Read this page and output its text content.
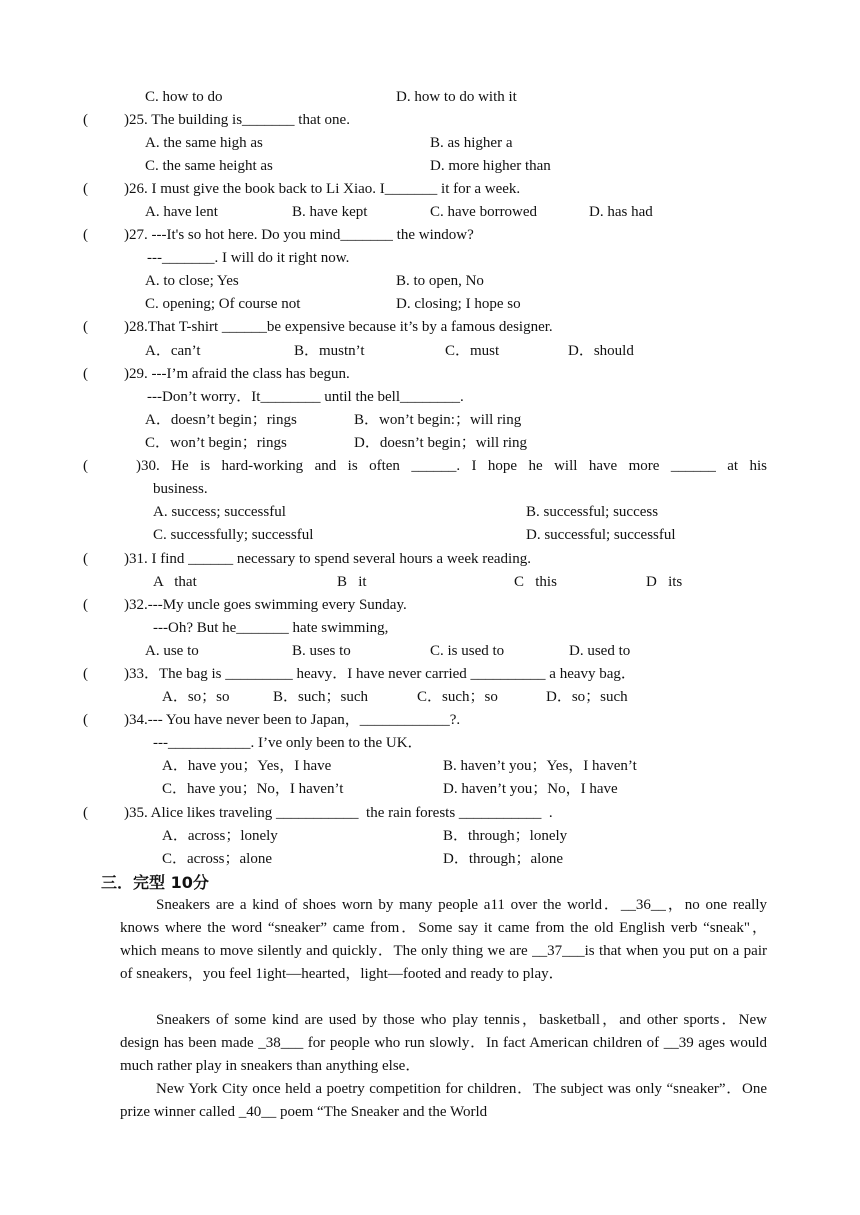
C. how to do	D. how to do with it
( )25. The building is_______ that one.
A. the same high as	B. as higher a
C. the same height as	D. more higher than
( )26. I must give the book back to Li Xiao. I_______ it for a week.
A. have lent	B. have kept	C. have borrowed	D. has had
( )27. ---It's so hot here. Do you mind_______ the window?
---_______. I will do it right now.
A. to close; Yes	B. to open, No
C. opening; Of course not	D. closing; I hope so
( )28.That T-shirt ______be expensive because it’s by a famous designer.
A．can’t	B．mustn’t	C．must	D．should
( )29. ---I’m afraid the class has begun.
---Don’t worry．It________ until the bell________.
A．doesn’t begin；rings	B．won’t begin:；will ring
C．won’t begin；rings	D．doesn’t begin；will ring
(	)30. He is hard-working and is often ______. I hope he will have more ______ at his
business.
A. success; successful	B. successful; success
C. successfully; successful	D. successful; successful
( )31. I find ______ necessary to spend several hours a week reading.
A   that	B   it	C   this	D   its
( )32.---My uncle goes swimming every Sunday.
---Oh? But he_______ hate swimming,
A. use to	B. uses to	C. is used to	D. used to
( )33．The bag is _________ heavy．I have never carried __________ a heavy bag．
A．so；so	B．such；such	C．such；so	D．so；such
( )34.--- You have never been to Japan，____________?.
---___________. I’ve only been to the UK．
A．have you；Yes，I have	B. haven’t you；Yes，I haven’t
C．have you；No，I haven’t	D. haven’t you；No，I have
( )35. Alice likes traveling ___________  the rain forests ___________  .
A．across；lonely	B．through；lonely
C．across；alone	D．through；alone
三．完型 10分
Sneakers are a kind of shoes worn by many people a11 over the world．__36__，no one really knows where the word “sneaker” came from．Some say it came from the old English verb “sneak"，which means to move silently and quickly．The only thing we are __37___is that when you put on a pair of sneakers，you feel 1ight—hearted，light—footed and ready to play．
Sneakers of some kind are used by those who play tennis，basketball，and other sports．New design has been made _38___ for people who run slowly．In fact American children of __39 ages would much rather play in sneakers than anything else．
New York City once held a poetry competition for children．The subject was only “sneaker”．One prize winner called _40__ poem “The Sneaker and the World
